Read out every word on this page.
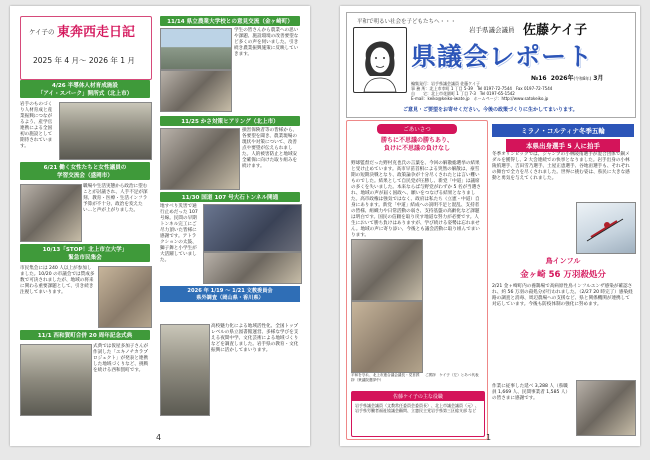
ケイ子の 東奔西走日記
2025 年 4 月～ 2026 年 1 月
4/26 半導体人材育成施設
「アイ・スパーク」開所式（北上市）
岩手のものづくり人材育成と産業振興につながるよう、産学官連携による全国初の施設として期待されています。
6/21 働く女性たちと女性議員の
学習交流会（盛岡市）
職場や生活実態から政治に望むことが討議され、人手不足が深刻、教育・医療・生活インフラ予算が不十分、政治を変えたい…と声が上がりました。
10/13「STOP！北上市立大学」
緊急市民集会
市民集会には 240 人以上が参加しました。10/20 の市議会では賛成多数で可決されましたが、地域の将来に関わる重要課題として、引き続き注視してまいります。
11/1 西和賀町合併 20 周年記念式典
式典では仮屋多加子さんが作詞した「ユキノチカラプロジェクト」が発表と連携した地域づくりなど、挑戦を続ける西和賀町です。
11/14 県立農業大学校との意見交流（金ヶ崎町）
学生の皆さんから農業への思いや課題、施設環境の改善要望など多くの声を伺いました。引き続き農業振興施策に反映していきます。
11/25 かさ対策ヒアリング（北上市）
損害保険者等の皆様から、各要望を聞き、農業現場の現状や対策について、改善点や要望が伝えられました。人的被害防止と地域安全確保に向けた取り組みを続けます。
11/30 国道 107 号大石トンネル開通
地すべり災害で通行止めだった 107 号線。民間の早期トンネル完工にご尽力頂いた皆様に感謝です。アトラクションの太鼓、獅子舞と小学生が大活躍していました。
2026 年 1/19 ～ 1/21 文教委員会
県外調査（岡山県・香川県）
高校魅力化による地域活性化、全国トップレベルの県立図書館運営、多様な学びを支える夜間中学、文化芸術による地域づくりなどを調査しました。岩手県の教育・文化振興に活かしてまいります。
4
平和で明るい社会を子どもたちへ・・・
岩手県議会議員 佐藤ケイ子
県議会レポート
№16 2026年(令和8年) 3月
編集発行：岩手県議会議員 佐藤ケイ子
事 務 所：北上市幸町 1 丁目 5-39　Tel 0197-72-7544　Fax 0197-72-7544
自　　宅：北上市花園町 1 丁目 7-3　Tel 0197-65-1542
E-mail：keiko@keiko-iwate.jp　ホームページ：http://www.satokeiko.jp
ご意見・ご要望をお寄せください。今後の政策づくりに生かしてまいります。
ごあいさつ
勝ちに不思議の勝ちあり、
負けに不思議の負けなし
野球監督だった野村克也氏の言葉を、今回の解散総選挙の結果と受け止めています。高市早苗首相による突然の解散は、豪雪期の短期決戦となり、政策論争が十分尽くされたとは言い難いものでした。結果として自民党が圧勝し、新党「中道」は議席の多くを失いました。本来ならば与野党がわずか 5 名が当選され、地域の声が届く国政へ、願いをつなげる結果となりました。高市政権は強気ではなく、政府は私たち（立憲・中道）自身にあります。新党「中道」結成への説明不足と混乱、支持者の皆様、組織力や日常活動の弱さ、支持基盤の高齢化など課題は明白です。国民の信頼を取り戻す地道な努力が必要です。人生において勝ち負けはありますが、学び続ける姿勢は忘れません。地域の声に寄り添い、今後とも議会活動に取り組んでまいります。
平和を守れ、北上市連合議会議長・党首挨拶（衆議院選挙中）
ご挨拶　ケイ子（左）とあべ代表
佐藤ケイ子の主な役職
岩手県議会議員（文教常任委員会委員長）、北上市議会議員（元）、岩手県労働者福祉協議会顧問、立憲民主党岩手県第三区総支部 など
ミラノ・コルティナ冬季五輪
本県出身選手 5 人に拍手
冬季オリンピックでは、ジャンプの小林陵侑選手が混合団体で銅メダルを獲得し、2 大会連続での快挙となりました。岩手出身の小林陵侑選手、吉田雪乃選手、土屋正恵選手、谷地宙選手も、それぞれの舞台で全力を尽くされました。世界に挑む姿は、県民に大きな感動と勇気を与えてくれました。
鳥インフル
金ヶ崎 56 万羽殺処分
2/21 金ヶ崎町内の養鶏場で高病原性鳥インフルエンザ感染が確認され、約 56 万羽の殺処分が行われました。（2/27 20 時完了）感染経路の調査と消毒、周辺農場への支援など、県と関係機関が連携して対応しています。今後も防疫体制の強化に努めます。
作業に従事した延べ 3,288 人（県職員 1,669 人、民間事業者 1,585 人）の皆さまに感謝です。
1
